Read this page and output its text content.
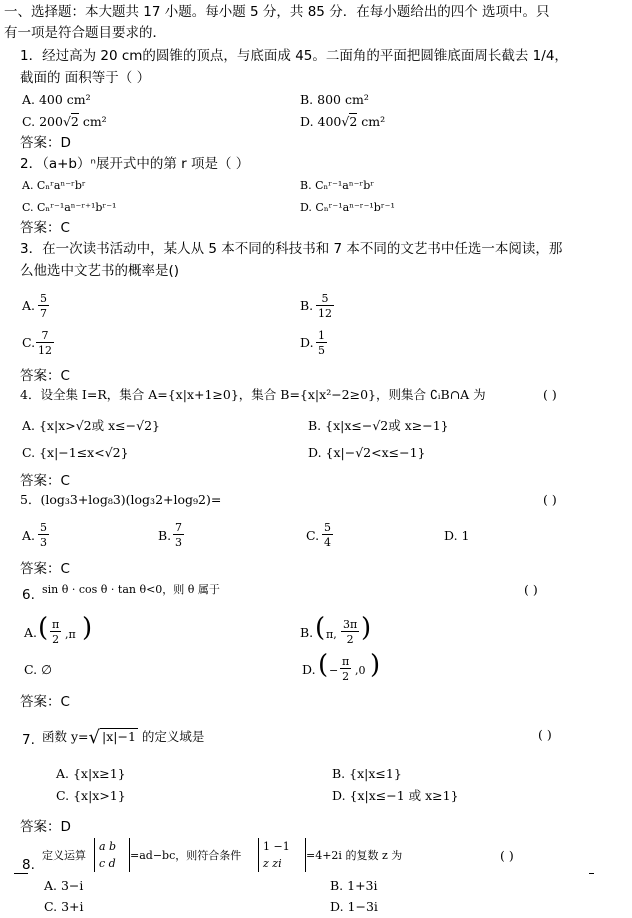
一、选择题：本大题共 17 小题。每小题 5 分，共 85 分．在每小题给出的四个 选项中。只
有一项是符合题目要求的．
1．经过高为 20 cm的圆锥的顶点，与底面成 45。二面角的平面把圆锥底面周长截去 1/4，
截面的 面积等于（ ）
A. 400 cm²	B. 800 cm²
C. 200√2 cm²	D. 400√2 cm²
答案：D
2．（a+b）ⁿ展开式中的第 r 项是（ ）
A. Cₙʳaⁿ⁻ʳbʳ	B. Cₙʳ⁻¹aⁿ⁻ʳbʳ
C. Cₙʳ⁻¹aⁿ⁻ʳ⁺¹bʳ⁻¹	D. Cₙʳ⁻¹aⁿ⁻ʳ⁻¹bʳ⁻¹
答案：C
3．在一次读书活动中，某人从 5 本不同的科技书和 7 本不同的文艺书中任选一本阅读，那
么他选中文艺书的概率是()
A. $\frac{5}{7}$	B. $\frac{5}{12}$
C. $\frac{7}{12}$	D. $\frac{1}{5}$
答案：C
4．设全集 I=R，集合 A={x|x+1≥0}，集合 B={x|x²−2≥0}，则集合 ∁ᵢB∩A 为	( )
A. {x|x>√2或 x≤−√2}	B. {x|x≤−√2或 x≥−1}
C. {x|−1≤x<√2}	D. {x|−√2<x≤−1}
答案：C
5．(log₃3+log₈3)(log₃2+log₉2)=	( )
A. $\frac{5}{3}$	B. $\frac{7}{3}$	C. $\frac{5}{4}$	D. 1
答案：C
6. sin θ · cos θ · tan θ<0，则 θ 属于	( )
A. ( $\frac{\pi}{2} ,\pi$ )	B. ( π, $\frac{3\pi}{2}$ )
C. ∅	D. ( − $\frac{\pi}{2} ,0$ )
答案：C
7. 函数 y=√ |x|−1 的定义域是	( )
A. {x|x≥1}	B. {x|x≤1}
C. {x|x>1}	D. {x|x≤−1 或 x≥1}
答案：D
8.
定义运算
a b
c d
=ad−bc，则符合条件
1 −1
z zi
=4+2i 的复数 z 为	( )
A. 3−i	B. 1+3i
C. 3+i	D. 1−3i
